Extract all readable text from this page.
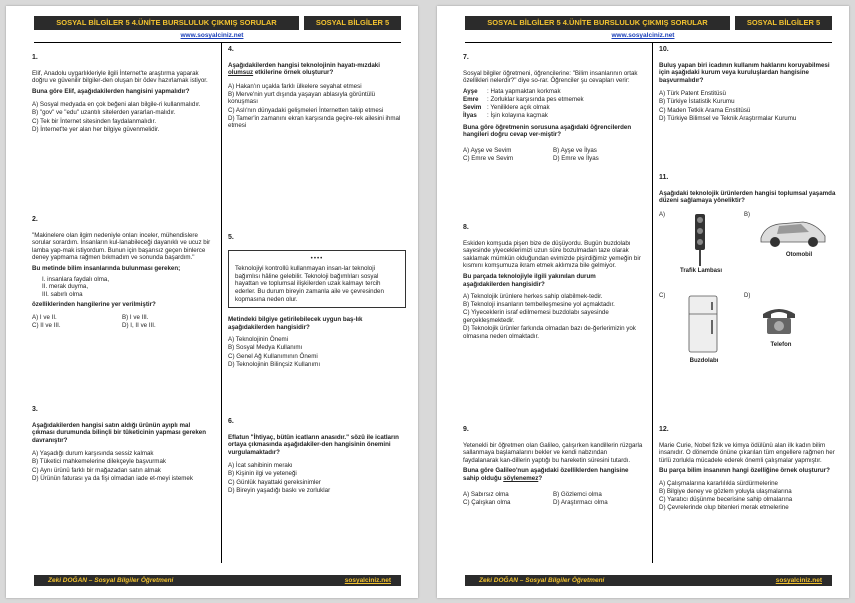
SOSYAL BİLGİLER 5 4.ÜNİTE BURSLULUK ÇIKMIŞ SORULAR	SOSYAL BİLGİLER 5
www.sosyalciniz.net
1.

Elif, Anadolu uygarlıkleriyle ilgili İnternet'te araştırma yaparak doğru ve güvenilir bilgiler-den oluşan bir ödev hazırlamak istiyor.

Buna göre Elif, aşağıdakilerden hangisini yapmalıdır?

A) Sosyal medyada en çok beğeni alan bilgile-ri kullanmalıdır.
B) "gov" ve "edu" uzantılı sitelerden yararlan-malıdır.
C) Tek bir İnternet sitesinden faydalanmalıdır.
D) İnternet'te yer alan her bilgiye güvenmelidir.
2.

"Makinelere olan ilgim nedeniyle onları inceler, mühendislere sorular sorardım. İnsanların kul-lanabileceği dayanıklı ve ucuz bir lamba yap-mak istiyordum. Bunun için başarısız geçen binlerce deney yapmama rağmen bıkmadım ve sonunda başardım."

Bu metinde bilim insanlarında bulunması gereken;

I. insanlara faydalı olma,
II. merak duyma,
III. sabırlı olma

özelliklerinden hangilerine yer verilmiştir?

A) I ve II.	B) I ve III.
C) II ve III.	D) I, II ve III.
3.

Aşağıdakilerden hangisi satın aldığı ürünün ayıplı mal çıkması durumunda bilinçli bir tüketicinin yapması gereken davranıştır?

A) Yaşadığı durum karşısında sessiz kalmak
B) Tüketici mahkemelerine dilekçeyle başvurmak
C) Aynı ürünü farklı bir mağazadan satın almak
D) Ürünün faturası ya da fişi olmadan iade et-meyi istemek
4.

Aşağıdakilerden hangisi teknolojinin hayatı-mızdaki olumsuz etkilerine örnek oluşturur?

A) Hakan'ın uçakla farklı ülkelere seyahat etmesi
B) Merve'nin yurt dışında yaşayan ablasıyla görüntülü konuşması
C) Aslı'nın dünyadaki gelişmeleri İnternetten takip etmesi
D) Tamer'in zamanını ekran karşısında geçire-rek ailesini ihmal etmesi
5.
••••
Teknolojiyi kontrollü kullanmayan insan-lar teknoloji bağımlısı hâline gelebilir. Teknoloji bağımlıları sosyal hayattan ve toplumsal ilişkilerden uzak kalmayı tercih ederler. Bu durum bireyin zamanla aile ve çevresinden kopmasına neden olur.

Metindeki bilgiye getirilebilecek uygun baş-lık aşağıdakilerden hangisidir?

A) Teknolojinin Önemi
B) Sosyal Medya Kullanımı
C) Genel Ağ Kullanımının Önemi
D) Teknolojinin Bilinçsiz Kullanımı
6.

Eflatun "İhtiyaç, bütün icatların anasıdır." sözü ile icatların ortaya çıkmasında aşağıdakiler-den hangisinin önemini vurgulamaktadır?

A) İcat sahibinin merakı
B) Kişinin ilgi ve yeteneği
C) Günlük hayattaki gereksinimler
D) Bireyin yaşadığı baskı ve zorluklar
Zeki DOĞAN – Sosyal Bilgiler Öğretmeni	sosyalciniz.net
SOSYAL BİLGİLER 5 4.ÜNİTE BURSLULUK ÇIKMIŞ SORULAR	SOSYAL BİLGİLER 5
www.sosyalciniz.net
7.

Sosyal bilgiler öğretmeni, öğrencilerine: "Bilim insanlarının ortak özellikleri nelerdir?" diye so-rar. Öğrenciler şu cevapları verir:

Ayşe : Hata yapmaktan korkmak
Emre : Zorluklar karşısında pes etmemek
Sevim : Yeniliklere açık olmak
İlyas : İşin kolayına kaçmak

Buna göre öğretmenin sorusuna aşağıdaki öğrencilerden hangileri doğru cevap ver-miştir?

A) Ayşe ve Sevim	B) Ayşe ve İlyas
C) Emre ve Sevim	D) Emre ve İlyas
8.

Eskiden komşuda pişen bize de düşüyordu. Bugün buzdolabı sayesinde yiyeceklerimizi uzun süre bozulmadan taze olarak saklamak mümkün olduğundan evimizde pişirdiğimiz yemeğin bir kısmını komşumuza ikram etmek aklımıza bile gelmiyor.

Bu parçada teknolojiyle ilgili yakınılan durum aşağıdakilerden hangisidir?

A) Teknolojik ürünlere herkes sahip olabilmek-tedir.
B) Teknoloji insanların tembelleşmesine yol açmaktadır.
C) Yiyeceklerin israf edilmemesi buzdolabı sayesinde gerçekleşmektedir.
D) Teknolojik ürünler farkında olmadan bazı de-ğerlerimizin yok olmasına neden olmaktadır.
9.

Yetenekli bir öğretmen olan Galileo, çalışırken kandillerin rüzgarla sallanmaya başlamalarını bekler ve kendi nabzından faydalanarak kan-dillerin yaptığı bu hareketin süresini tutardı.

Buna göre Galileo'nun aşağıdaki özelliklerden hangisine sahip olduğu söylenemez?

A) Sabırsız olma	B) Gözlemci olma
C) Çalışkan olma	D) Araştırmacı olma
10.

Buluş yapan biri icadının kullanım haklarını koruyabilmesi için aşağıdaki kurum veya kuruluşlardan hangisine başvurmalıdır?

A) Türk Patent Enstitüsü
B) Türkiye İstatistik Kurumu
C) Maden Tetkik Arama Enstitüsü
D) Türkiye Bilimsel ve Teknik Araştırmalar Kurumu
11.

Aşağıdaki teknolojik ürünlerden hangisi toplumsal yaşamda düzeni sağlamaya yöneliktir?

A)	B)
C)	D)
Trafik Lambası
Otomobil
Buzdolabı
Telefon
12.

Marie Curie, Nobel fizik ve kimya ödülünü alan ilk kadın bilim insanıdır. O dönemde önüne çıkarılan tüm engellere rağmen her türlü zorlukla mücadele ederek önemli çalışmalar yapmıştır.

Bu parça bilim insanının hangi özelliğine örnek oluşturur?

A) Çalışmalarına kararlılıkla sürdürmelerine
B) Bilgiye deney ve gözlem yoluyla ulaşmalarına
C) Yaratıcı düşünme becerisine sahip olmalarına
D) Çevrelerinde olup bitenleri merak etmelerine
Zeki DOĞAN – Sosyal Bilgiler Öğretmeni	sosyalciniz.net
